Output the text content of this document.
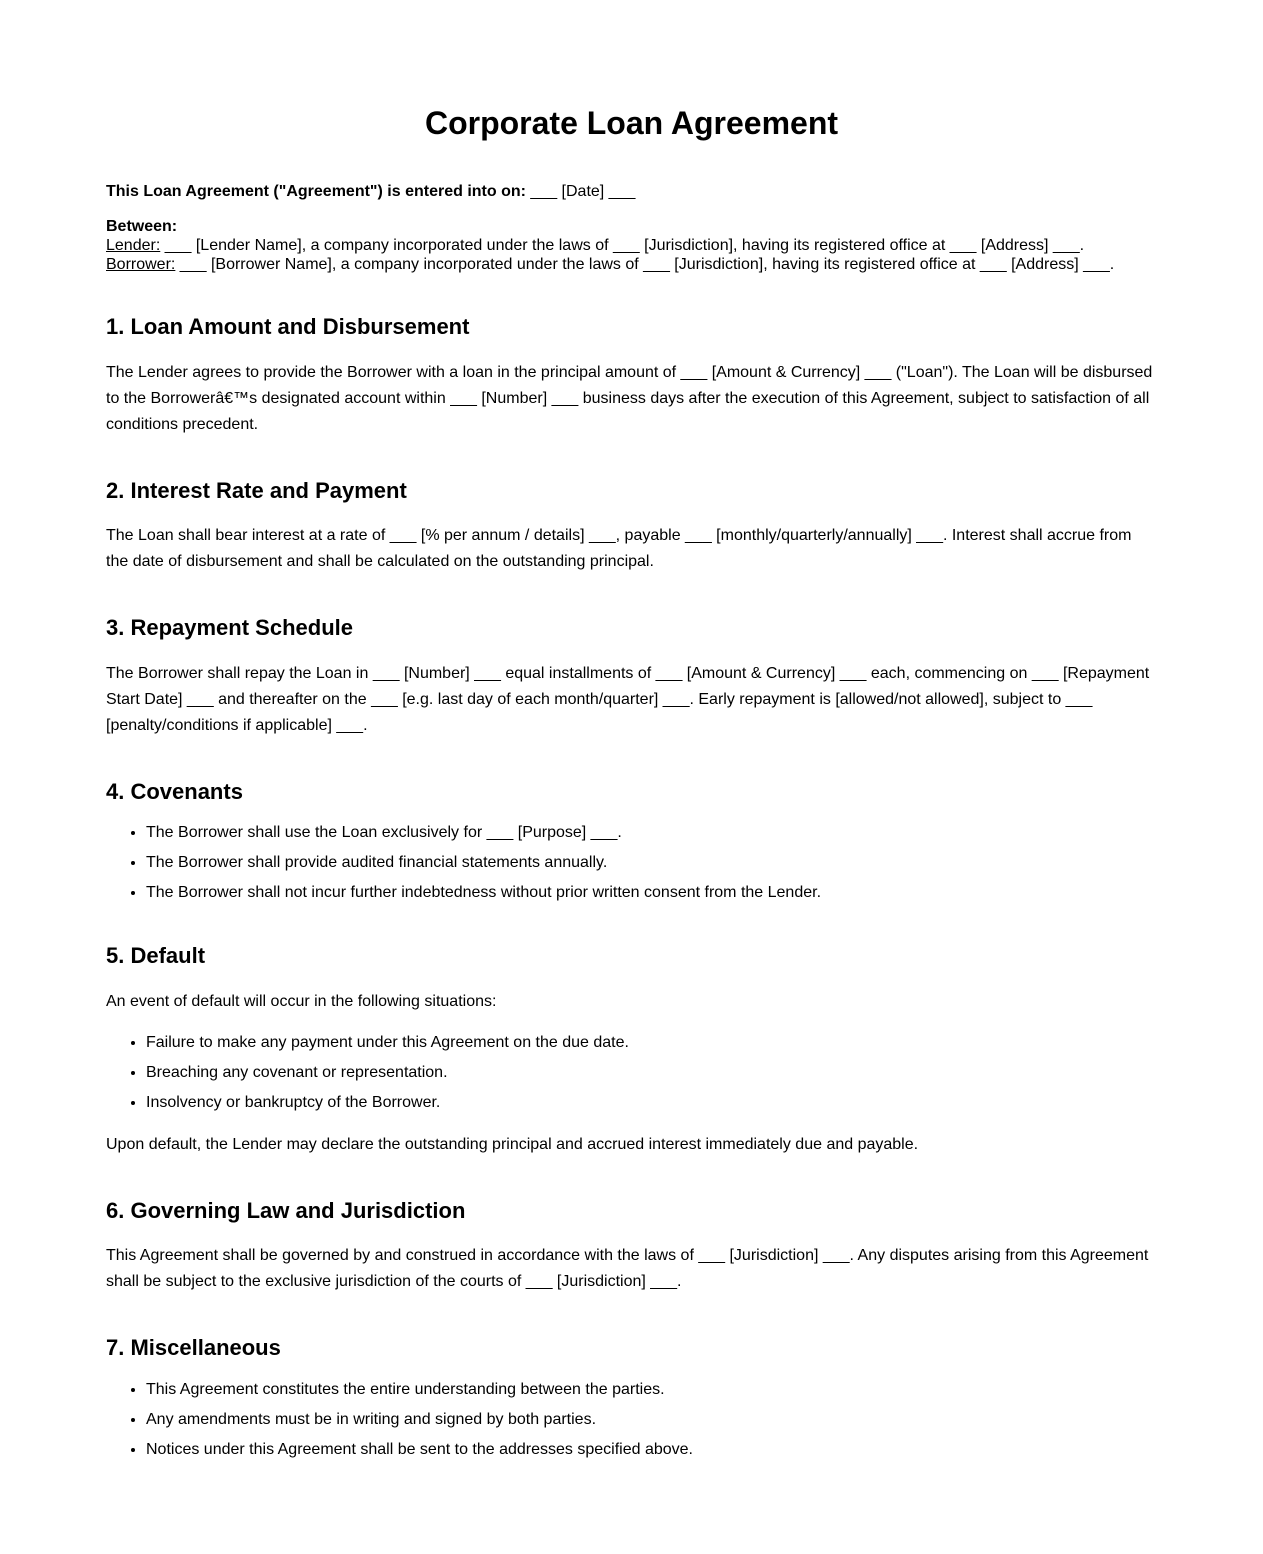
Corporate Loan Agreement

This Loan Agreement ("Agreement") is entered into on: ___ [Date] ___

Between:
Lender: ___ [Lender Name], a company incorporated under the laws of ___ [Jurisdiction], having its registered office at ___ [Address] ___.
Borrower: ___ [Borrower Name], a company incorporated under the laws of ___ [Jurisdiction], having its registered office at ___ [Address] ___.

1. Loan Amount and Disbursement

The Lender agrees to provide the Borrower with a loan in the principal amount of ___ [Amount & Currency] ___ ("Loan"). The Loan will be disbursed to the Borrowerâ€™s designated account within ___ [Number] ___ business days after the execution of this Agreement, subject to satisfaction of all conditions precedent.

2. Interest Rate and Payment

The Loan shall bear interest at a rate of ___ [% per annum / details] ___, payable ___ [monthly/quarterly/annually] ___. Interest shall accrue from the date of disbursement and shall be calculated on the outstanding principal.

3. Repayment Schedule

The Borrower shall repay the Loan in ___ [Number] ___ equal installments of ___ [Amount & Currency] ___ each, commencing on ___ [Repayment Start Date] ___ and thereafter on the ___ [e.g. last day of each month/quarter] ___. Early repayment is [allowed/not allowed], subject to ___ [penalty/conditions if applicable] ___.

4. Covenants
• The Borrower shall use the Loan exclusively for ___ [Purpose] ___.
• The Borrower shall provide audited financial statements annually.
• The Borrower shall not incur further indebtedness without prior written consent from the Lender.
5. Default

An event of default will occur in the following situations:

• Failure to make any payment under this Agreement on the due date.
• Breaching any covenant or representation.
• Insolvency or bankruptcy of the Borrower.

Upon default, the Lender may declare the outstanding principal and accrued interest immediately due and payable.

6. Governing Law and Jurisdiction

This Agreement shall be governed by and construed in accordance with the laws of ___ [Jurisdiction] ___. Any disputes arising from this Agreement shall be subject to the exclusive jurisdiction of the courts of ___ [Jurisdiction] ___.

7. Miscellaneous
• This Agreement constitutes the entire understanding between the parties.
• Any amendments must be in writing and signed by both parties.
• Notices under this Agreement shall be sent to the addresses specified above.
